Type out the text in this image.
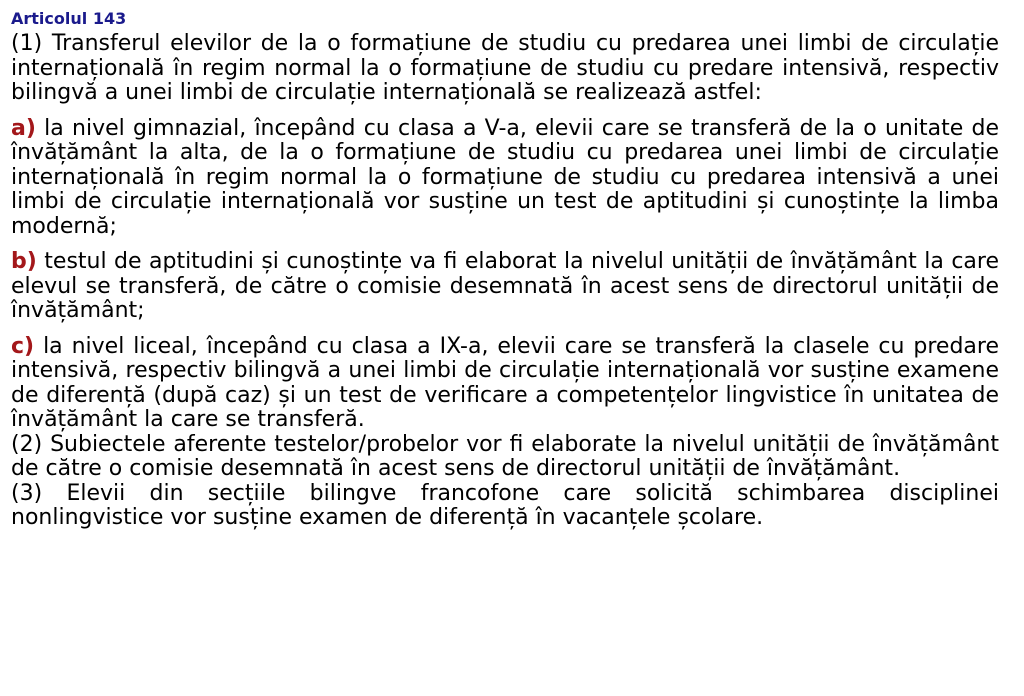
Articolul 143

(1) Transferul elevilor de la o formațiune de studiu cu predarea unei limbi de circulație internațională în regim normal la o formațiune de studiu cu predare intensivă, respectiv bilingvă a unei limbi de circulație internațională se realizează astfel:

a) la nivel gimnazial, începând cu clasa a V-a, elevii care se transferă de la o unitate de învățământ la alta, de la o formațiune de studiu cu predarea unei limbi de circulație internațională în regim normal la o formațiune de studiu cu predarea intensivă a unei limbi de circulație internațională vor susține un test de aptitudini și cunoștințe la limba modernă;

b) testul de aptitudini și cunoștințe va fi elaborat la nivelul unității de învățământ la care elevul se transferă, de către o comisie desemnată în acest sens de directorul unității de învățământ;

c) la nivel liceal, începând cu clasa a IX-a, elevii care se transferă la clasele cu predare intensivă, respectiv bilingvă a unei limbi de circulație internațională vor susține examene de diferență (după caz) și un test de verificare a competențelor lingvistice în unitatea de învățământ la care se transferă.

(2) Subiectele aferente testelor/probelor vor fi elaborate la nivelul unității de învățământ de către o comisie desemnată în acest sens de directorul unității de învățământ.

(3) Elevii din secțiile bilingve francofone care solicită schimbarea disciplinei nonlingvistice vor susține examen de diferență în vacanțele școlare.
